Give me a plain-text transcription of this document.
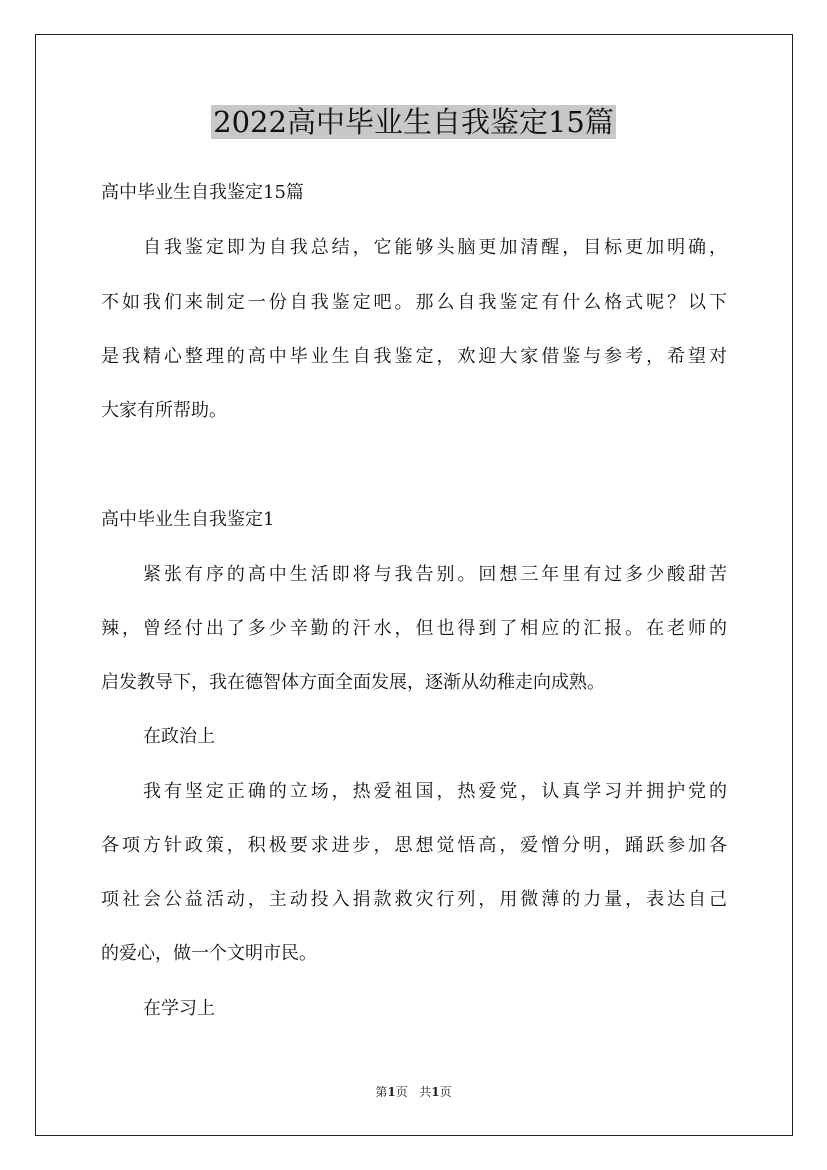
2022高中毕业生自我鉴定15篇
高中毕业生自我鉴定15篇
自我鉴定即为自我总结，它能够头脑更加清醒，目标更加明确，
不如我们来制定一份自我鉴定吧。那么自我鉴定有什么格式呢？以下
是我精心整理的高中毕业生自我鉴定，欢迎大家借鉴与参考，希望对
大家有所帮助。
高中毕业生自我鉴定1
紧张有序的高中生活即将与我告别。回想三年里有过多少酸甜苦
辣，曾经付出了多少辛勤的汗水，但也得到了相应的汇报。在老师的
启发教导下，我在德智体方面全面发展，逐渐从幼稚走向成熟。
在政治上
我有坚定正确的立场，热爱祖国，热爱党，认真学习并拥护党的
各项方针政策，积极要求进步，思想觉悟高，爱憎分明，踊跃参加各
项社会公益活动，主动投入捐款救灾行列，用微薄的力量，表达自己
的爱心，做一个文明市民。
在学习上
第1页 共1页
